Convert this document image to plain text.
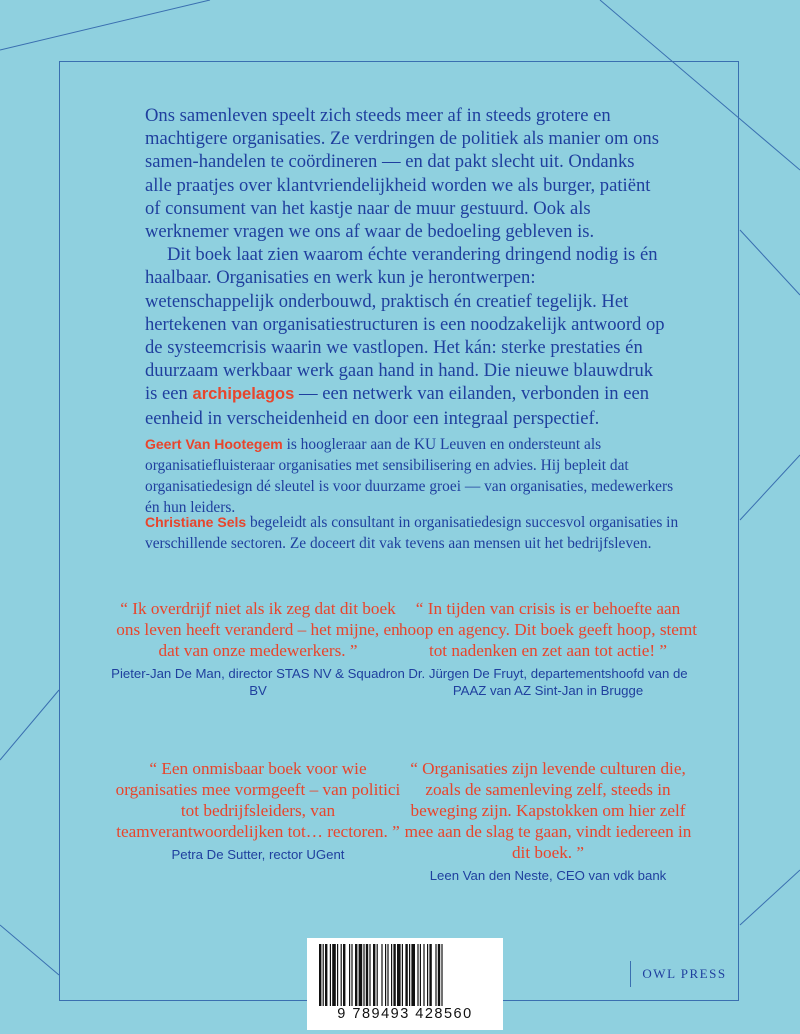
Ons samenleven speelt zich steeds meer af in steeds grotere en machtigere organisaties. Ze verdringen de politiek als manier om ons samen-handelen te coördineren — en dat pakt slecht uit. Ondanks alle praatjes over klantvriendelijkheid worden we als burger, patiënt of consument van het kastje naar de muur gestuurd. Ook als werknemer vragen we ons af waar de bedoeling gebleven is.

Dit boek laat zien waarom échte verandering dringend nodig is én haalbaar. Organisaties en werk kun je herontwerpen: wetenschappelijk onderbouwd, praktisch én creatief tegelijk. Het hertekenen van organisatiestructuren is een noodzakelijk antwoord op de systeemcrisis waarin we vastlopen. Het kán: sterke prestaties én duurzaam werkbaar werk gaan hand in hand. Die nieuwe blauwdruk is een archipelagos — een netwerk van eilanden, verbonden in een eenheid in verscheidenheid en door een integraal perspectief.

Geert Van Hootegem is hoogleraar aan de KU Leuven en ondersteunt als organisatiefluisteraar organisaties met sensibilisering en advies. Hij bepleit dat organisatiedesign dé sleutel is voor duurzame groei — van organisaties, medewerkers én hun leiders.
Christiane Sels begeleidt als consultant in organisatiedesign succesvol organisaties in verschillende sectoren. Ze doceert dit vak tevens aan mensen uit het bedrijfsleven.
“ Ik overdrijf niet als ik zeg dat dit boek ons leven heeft veranderd – het mijne, en dat van onze medewerkers. ”
Pieter-Jan De Man, director STAS NV & Squadron BV
“ In tijden van crisis is er behoefte aan hoop en agency. Dit boek geeft hoop, stemt tot nadenken en zet aan tot actie! ”
Dr. Jürgen De Fruyt, departementshoofd van de PAAZ van AZ Sint-Jan in Brugge
“ Een onmisbaar boek voor wie organisaties mee vormgeeft – van politici tot bedrijfsleiders, van teamverantwoordelijken tot… rectoren. ”
Petra De Sutter, rector UGent
“ Organisaties zijn levende culturen die, zoals de samenleving zelf, steeds in beweging zijn. Kapstokken om hier zelf mee aan de slag te gaan, vindt iedereen in dit boek. ”
Leen Van den Neste, CEO van vdk bank
9 789493 428560
OWL PRESS
